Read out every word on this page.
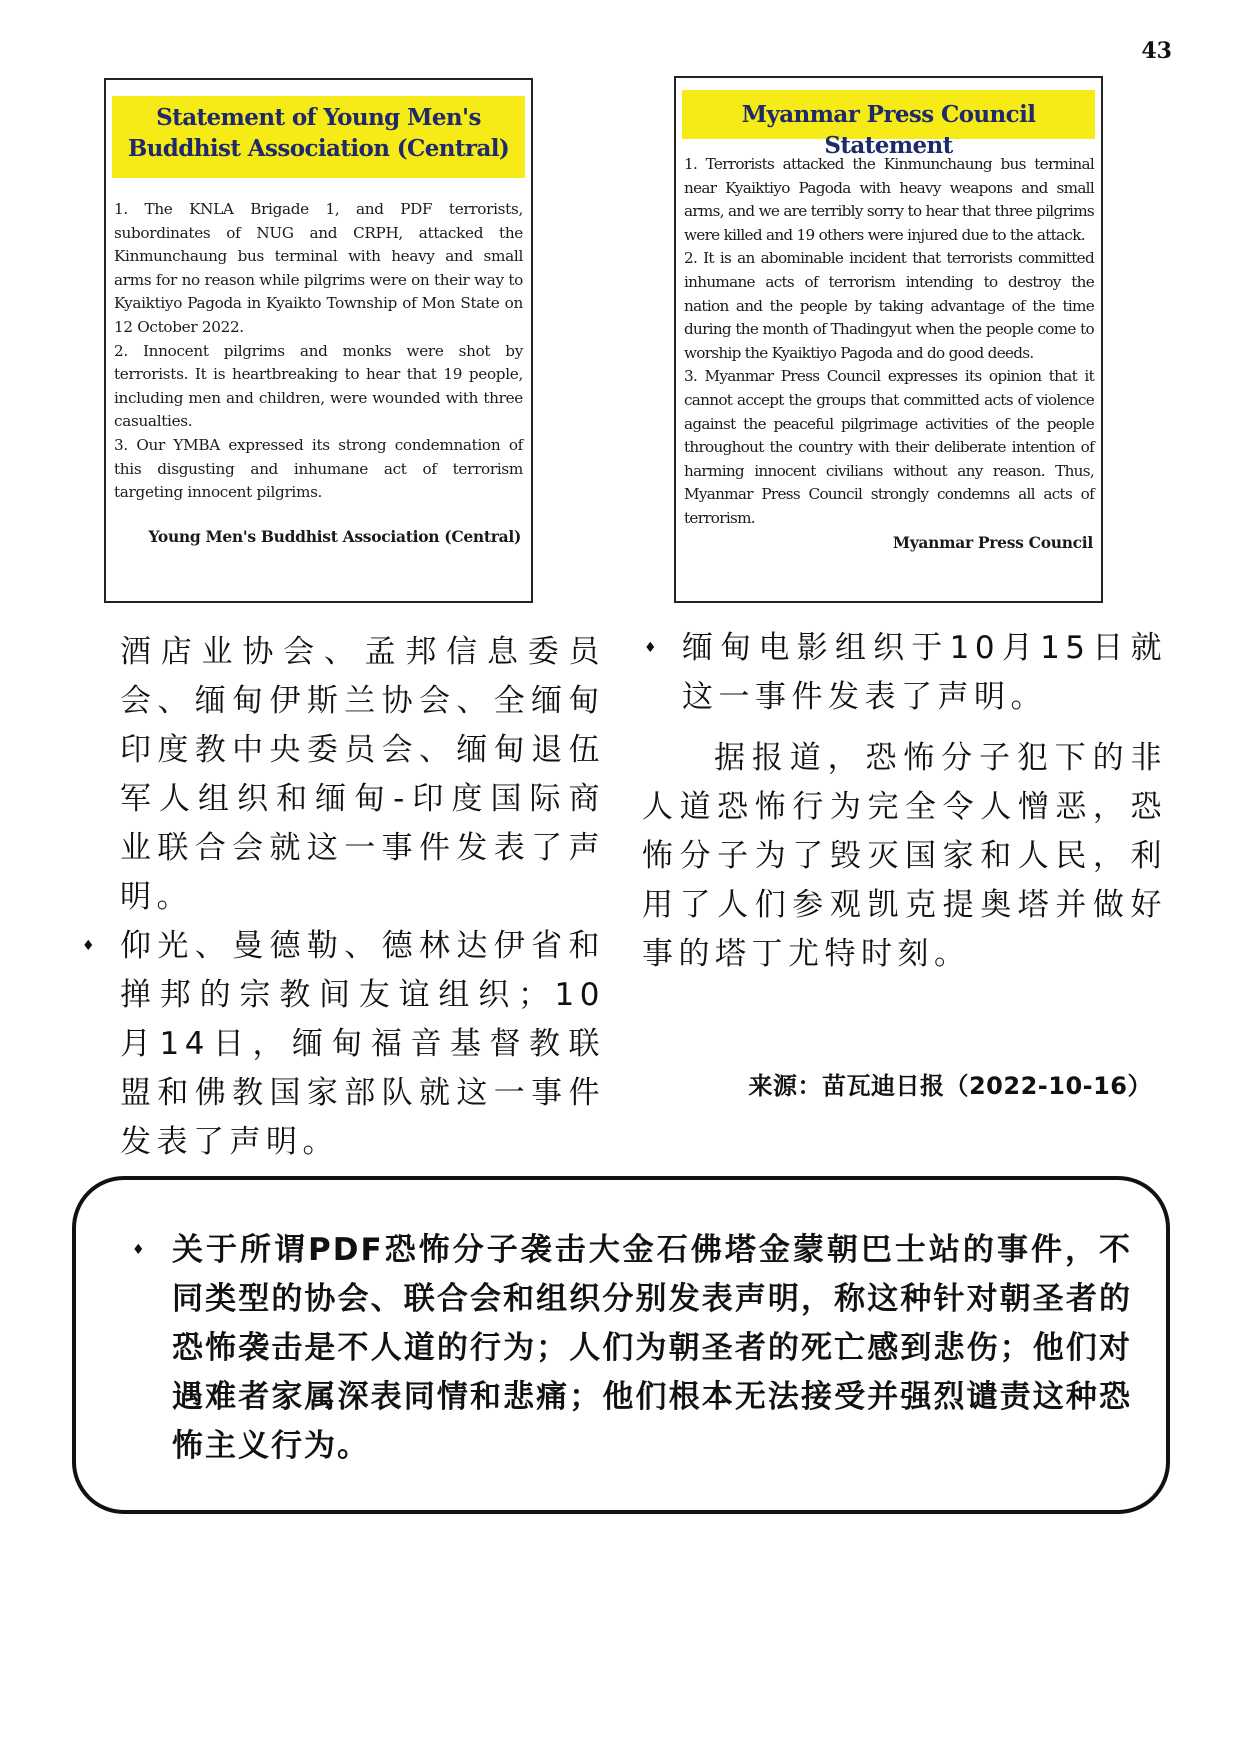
43
Statement of Young Men's Buddhist Association (Central)

1. The KNLA Brigade 1, and PDF terrorists, subordinates of NUG and CRPH, attacked the Kinmunchaung bus terminal with heavy and small arms for no reason while pilgrims were on their way to Kyaiktiyo Pagoda in Kyaikto Township of Mon State on 12 October 2022.

2. Innocent pilgrims and monks were shot by terrorists. It is heartbreaking to hear that 19 people, including men and children, were wounded with three casualties.

3. Our YMBA expressed its strong condemnation of this disgusting and inhumane act of terrorism targeting innocent pilgrims.

Young Men's Buddhist Association (Central)
Myanmar Press Council Statement

1. Terrorists attacked the Kinmunchaung bus terminal near Kyaiktiyo Pagoda with heavy weapons and small arms, and we are terribly sorry to hear that three pilgrims were killed and 19 others were injured due to the attack.

2. It is an abominable incident that terrorists committed inhumane acts of terrorism intending to destroy the nation and the people by taking advantage of the time during the month of Thadingyut when the people come to worship the Kyaiktiyo Pagoda and do good deeds.

3. Myanmar Press Council expresses its opinion that it cannot accept the groups that committed acts of violence against the peaceful pilgrimage activities of the people throughout the country with their deliberate intention of harming innocent civilians without any reason. Thus, Myanmar Press Council strongly condemns all acts of terrorism.

Myanmar Press Council

酒店业协会、孟邦信息委员会、缅甸伊斯兰协会、全缅甸印度教中央委员会、缅甸退伍军人组织和缅甸-印度国际商业联合会就这一事件发表了声明。

♦ 仰光、曼德勒、德林达伊省和掸邦的宗教间友谊组织；10月14日，缅甸福音基督教联盟和佛教国家部队就这一事件发表了声明。
♦ 缅甸电影组织于10月15日就这一事件发表了声明。

据报道，恐怖分子犯下的非人道恐怖行为完全令人憎恶，恐怖分子为了毁灭国家和人民，利用了人们参观凯克提奥塔并做好事的塔丁尤特时刻。

来源：苗瓦迪日报（2022-10-16）
♦ 关于所谓PDF恐怖分子袭击大金石佛塔金蒙朝巴士站的事件，不同类型的协会、联合会和组织分别发表声明，称这种针对朝圣者的恐怖袭击是不人道的行为；人们为朝圣者的死亡感到悲伤；他们对遇难者家属深表同情和悲痛；他们根本无法接受并强烈谴责这种恐怖主义行为。
